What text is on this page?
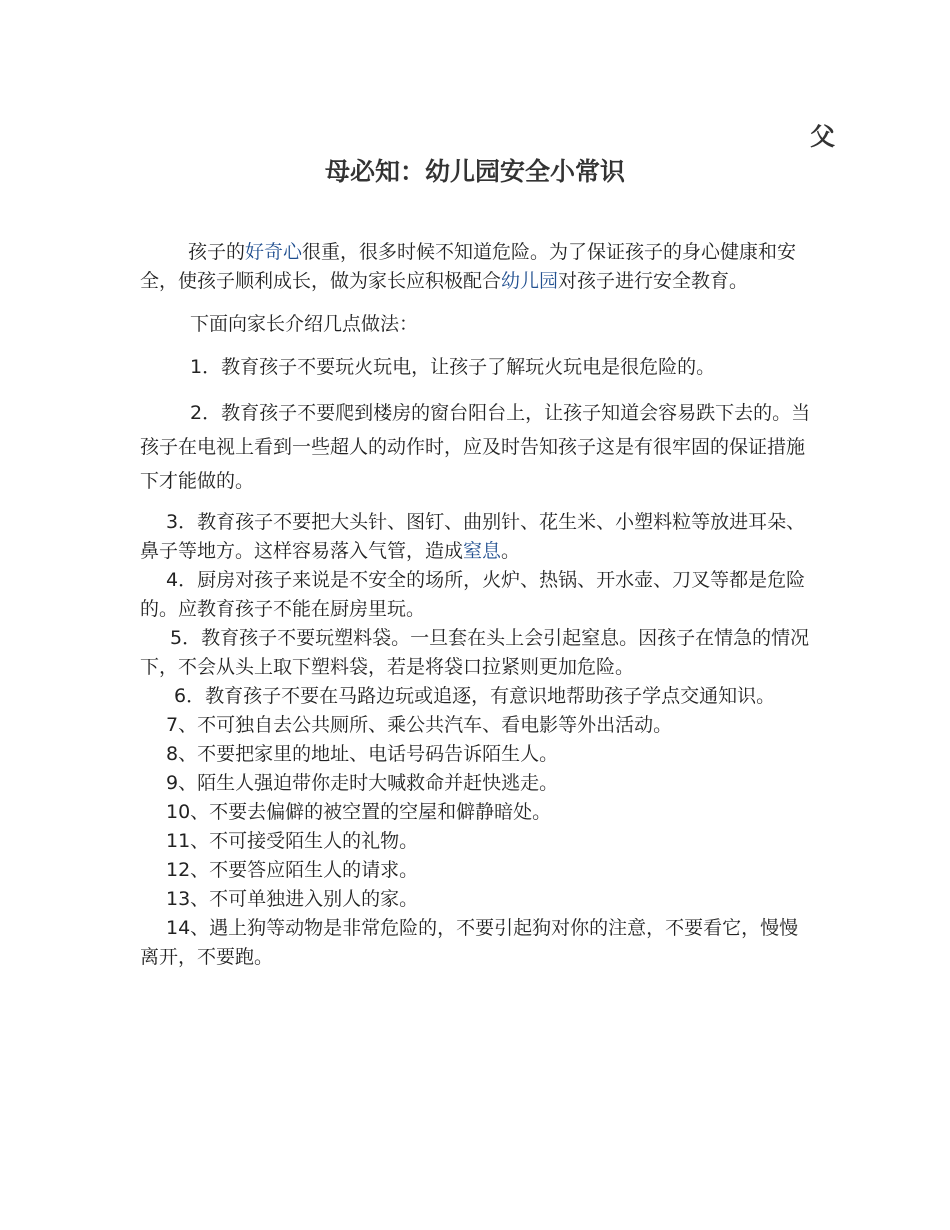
父

母必知：幼儿园安全小常识

孩子的好奇心很重，很多时候不知道危险。为了保证孩子的身心健康和安全，使孩子顺利成长，做为家长应积极配合幼儿园对孩子进行安全教育。

下面向家长介绍几点做法：

1．教育孩子不要玩火玩电，让孩子了解玩火玩电是很危险的。

2．教育孩子不要爬到楼房的窗台阳台上，让孩子知道会容易跌下去的。当孩子在电视上看到一些超人的动作时，应及时告知孩子这是有很牢固的保证措施下才能做的。

3．教育孩子不要把大头针、图钉、曲别针、花生米、小塑料粒等放进耳朵、鼻子等地方。这样容易落入气管，造成窒息。

4．厨房对孩子来说是不安全的场所，火炉、热锅、开水壶、刀叉等都是危险的。应教育孩子不能在厨房里玩。

5．教育孩子不要玩塑料袋。一旦套在头上会引起窒息。因孩子在情急的情况下，不会从头上取下塑料袋，若是将袋口拉紧则更加危险。

6．教育孩子不要在马路边玩或追逐，有意识地帮助孩子学点交通知识。

7、不可独自去公共厕所、乘公共汽车、看电影等外出活动。

8、不要把家里的地址、电话号码告诉陌生人。

9、陌生人强迫带你走时大喊救命并赶快逃走。

10、不要去偏僻的被空置的空屋和僻静暗处。

11、不可接受陌生人的礼物。

12、不要答应陌生人的请求。

13、不可单独进入别人的家。

14、遇上狗等动物是非常危险的，不要引起狗对你的注意，不要看它，慢慢离开，不要跑。
